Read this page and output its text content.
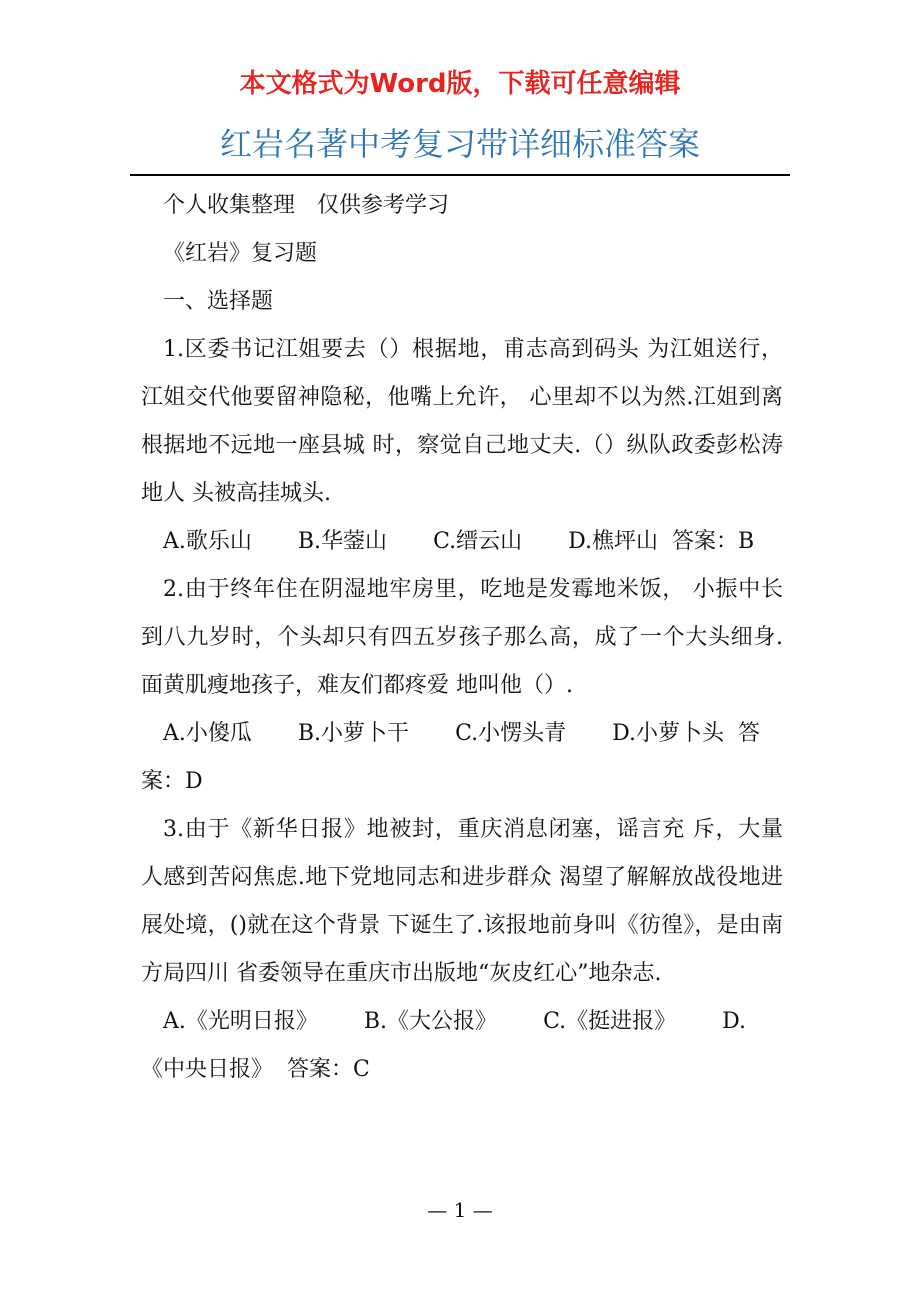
本文格式为Word版，下载可任意编辑
红岩名著中考复习带详细标准答案

个人收集整理　仅供参考学习

《红岩》复习题

一、选择题

1.区委书记江姐要去（）根据地，甫志高到码头 为江姐送行，江姐交代他要留神隐秘，他嘴上允许， 心里却不以为然.江姐到离根据地不远地一座县城 时，察觉自己地丈夫.（）纵队政委彭松涛地人 头被高挂城头.

A.歌乐山 B.华蓥山 C.缙云山 D.樵坪山 答案：B

2.由于终年住在阴湿地牢房里，吃地是发霉地米饭， 小振中长到八九岁时，个头却只有四五岁孩子那么高，成了一个大头细身.面黄肌瘦地孩子，难友们都疼爱 地叫他（）.

A.小傻瓜 B.小萝卜干 C.小愣头青 D.小萝卜头 答案：D

3.由于《新华日报》地被封，重庆消息闭塞，谣言充 斥，大量人感到苦闷焦虑.地下党地同志和进步群众 渴望了解解放战役地进展处境，()就在这个背景 下诞生了.该报地前身叫《彷徨》，是由南方局四川 省委领导在重庆市出版地“灰皮红心”地杂志.

A.《光明日报》 B.《大公报》 C.《挺进报》 D.《中央日报》 答案：C

— 1 —
